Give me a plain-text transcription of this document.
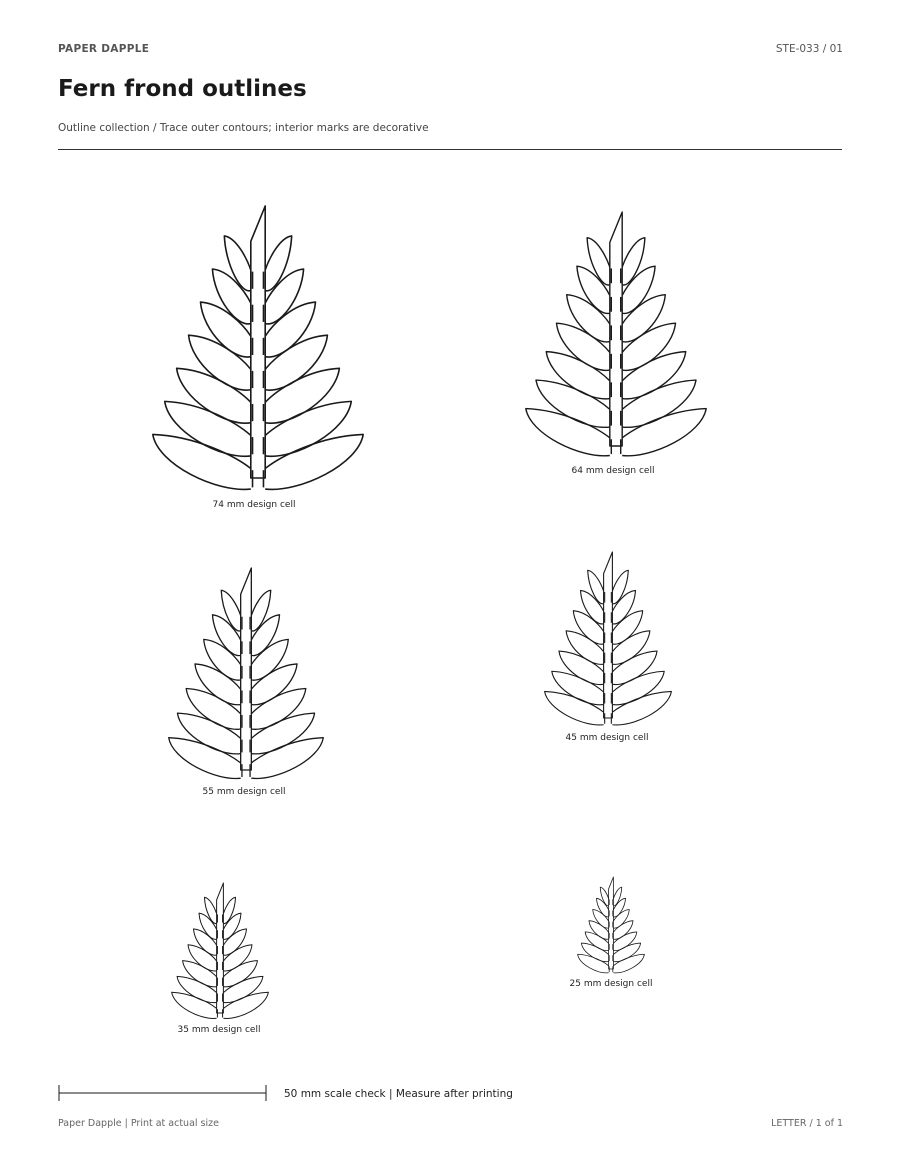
PAPER DAPPLE	STE-033 / 01
Fern frond outlines
Outline collection / Trace outer contours; interior marks are decorative
74 mm design cell
64 mm design cell
55 mm design cell
45 mm design cell
35 mm design cell
25 mm design cell
50 mm scale check | Measure after printing
Paper Dapple | Print at actual size	LETTER / 1 of 1
